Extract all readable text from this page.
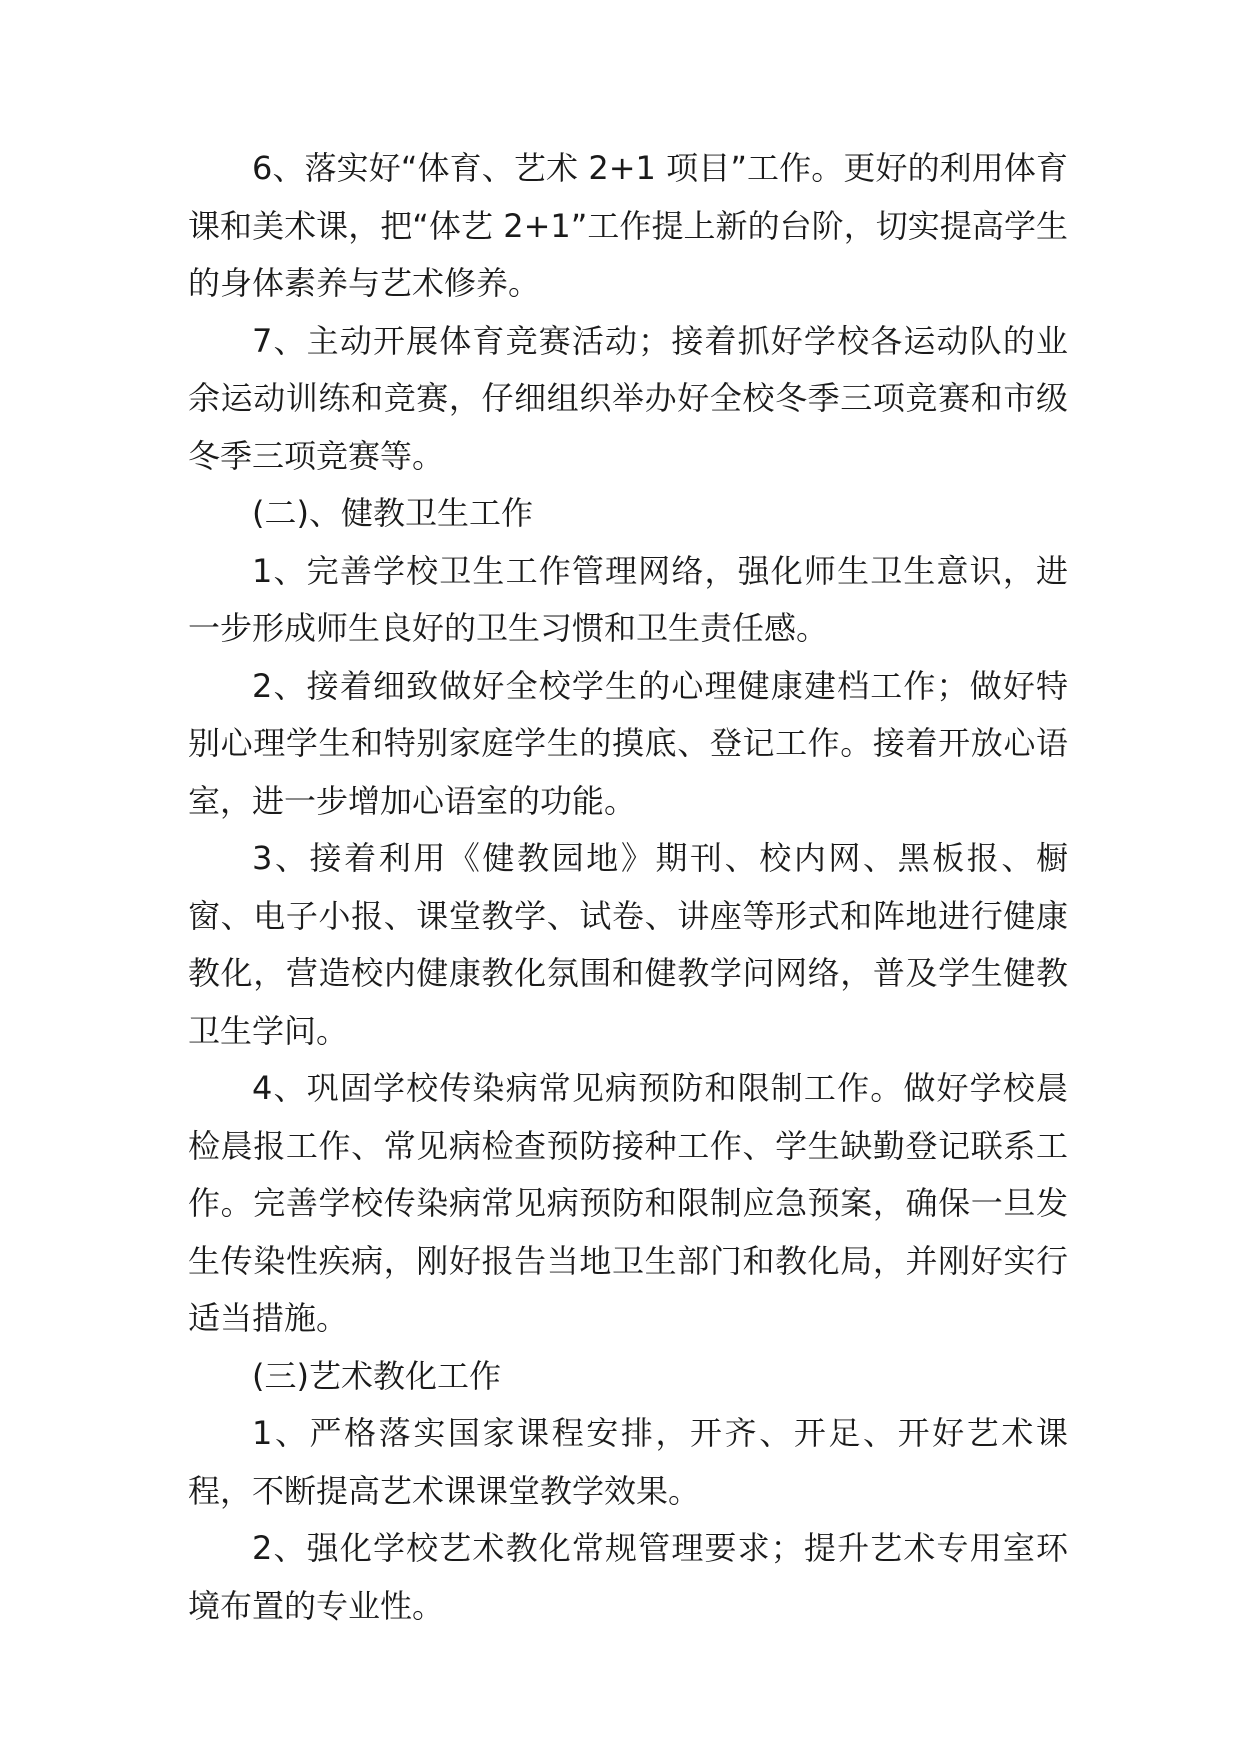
6、落实好“体育、艺术 2+1 项目”工作。更好的利用体育课和美术课，把“体艺 2+1”工作提上新的台阶，切实提高学生的身体素养与艺术修养。

7、主动开展体育竞赛活动；接着抓好学校各运动队的业余运动训练和竞赛，仔细组织举办好全校冬季三项竞赛和市级冬季三项竞赛等。

(二)、健教卫生工作

1、完善学校卫生工作管理网络，强化师生卫生意识，进一步形成师生良好的卫生习惯和卫生责任感。

2、接着细致做好全校学生的心理健康建档工作；做好特别心理学生和特别家庭学生的摸底、登记工作。接着开放心语室，进一步增加心语室的功能。

3、接着利用《健教园地》期刊、校内网、黑板报、橱窗、电子小报、课堂教学、试卷、讲座等形式和阵地进行健康教化，营造校内健康教化氛围和健教学问网络，普及学生健教卫生学问。

4、巩固学校传染病常见病预防和限制工作。做好学校晨检晨报工作、常见病检查预防接种工作、学生缺勤登记联系工作。完善学校传染病常见病预防和限制应急预案，确保一旦发生传染性疾病，刚好报告当地卫生部门和教化局，并刚好实行适当措施。

(三)艺术教化工作

1、严格落实国家课程安排，开齐、开足、开好艺术课程，不断提高艺术课课堂教学效果。

2、强化学校艺术教化常规管理要求；提升艺术专用室环境布置的专业性。
